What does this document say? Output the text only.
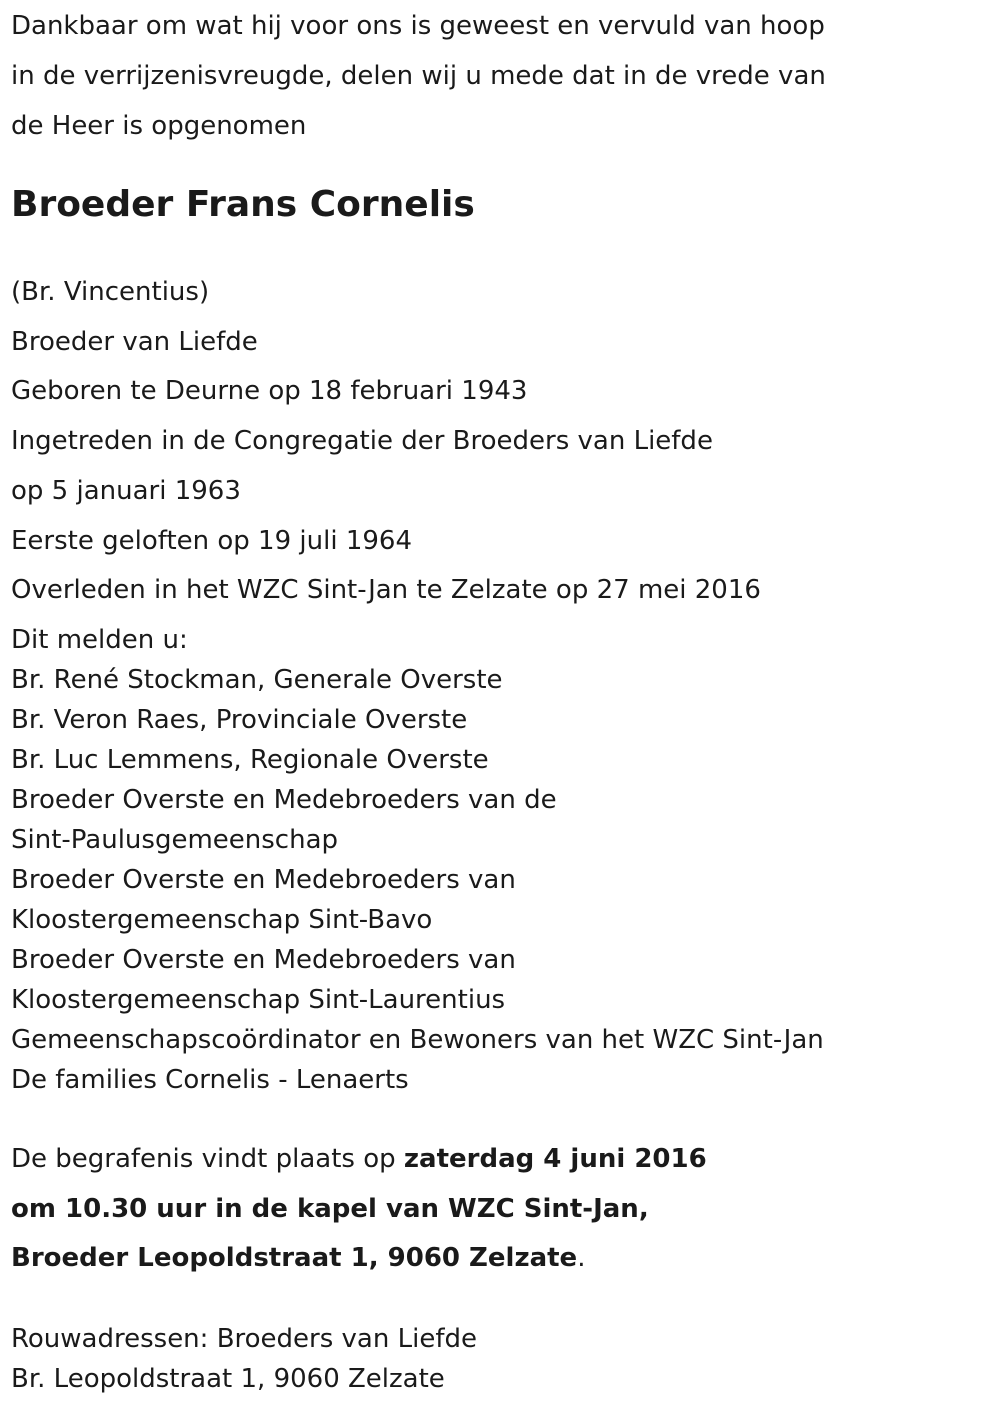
Dankbaar om wat hij voor ons is geweest en vervuld van hoop
in de verrijzenisvreugde, delen wij u mede dat in de vrede van
de Heer is opgenomen

Broeder Frans Cornelis
(Br. Vincentius)
Broeder van Liefde
Geboren te Deurne op 18 februari 1943
Ingetreden in de Congregatie der Broeders van Liefde
op 5 januari 1963
Eerste geloften op 19 juli 1964
Overleden in het WZC Sint-Jan te Zelzate op 27 mei 2016
Dit melden u:
Br. René Stockman, Generale Overste
Br. Veron Raes, Provinciale Overste
Br. Luc Lemmens, Regionale Overste
Broeder Overste en Medebroeders van de
Sint-Paulusgemeenschap
Broeder Overste en Medebroeders van
Kloostergemeenschap Sint-Bavo
Broeder Overste en Medebroeders van
Kloostergemeenschap Sint-Laurentius
Gemeenschapscoördinator en Bewoners van het WZC Sint-Jan
De families Cornelis - Lenaerts

De begrafenis vindt plaats op zaterdag 4 juni 2016
om 10.30 uur in de kapel van WZC Sint-Jan,
Broeder Leopoldstraat 1, 9060 Zelzate.

Rouwadressen: Broeders van Liefde
Br. Leopoldstraat 1, 9060 Zelzate
